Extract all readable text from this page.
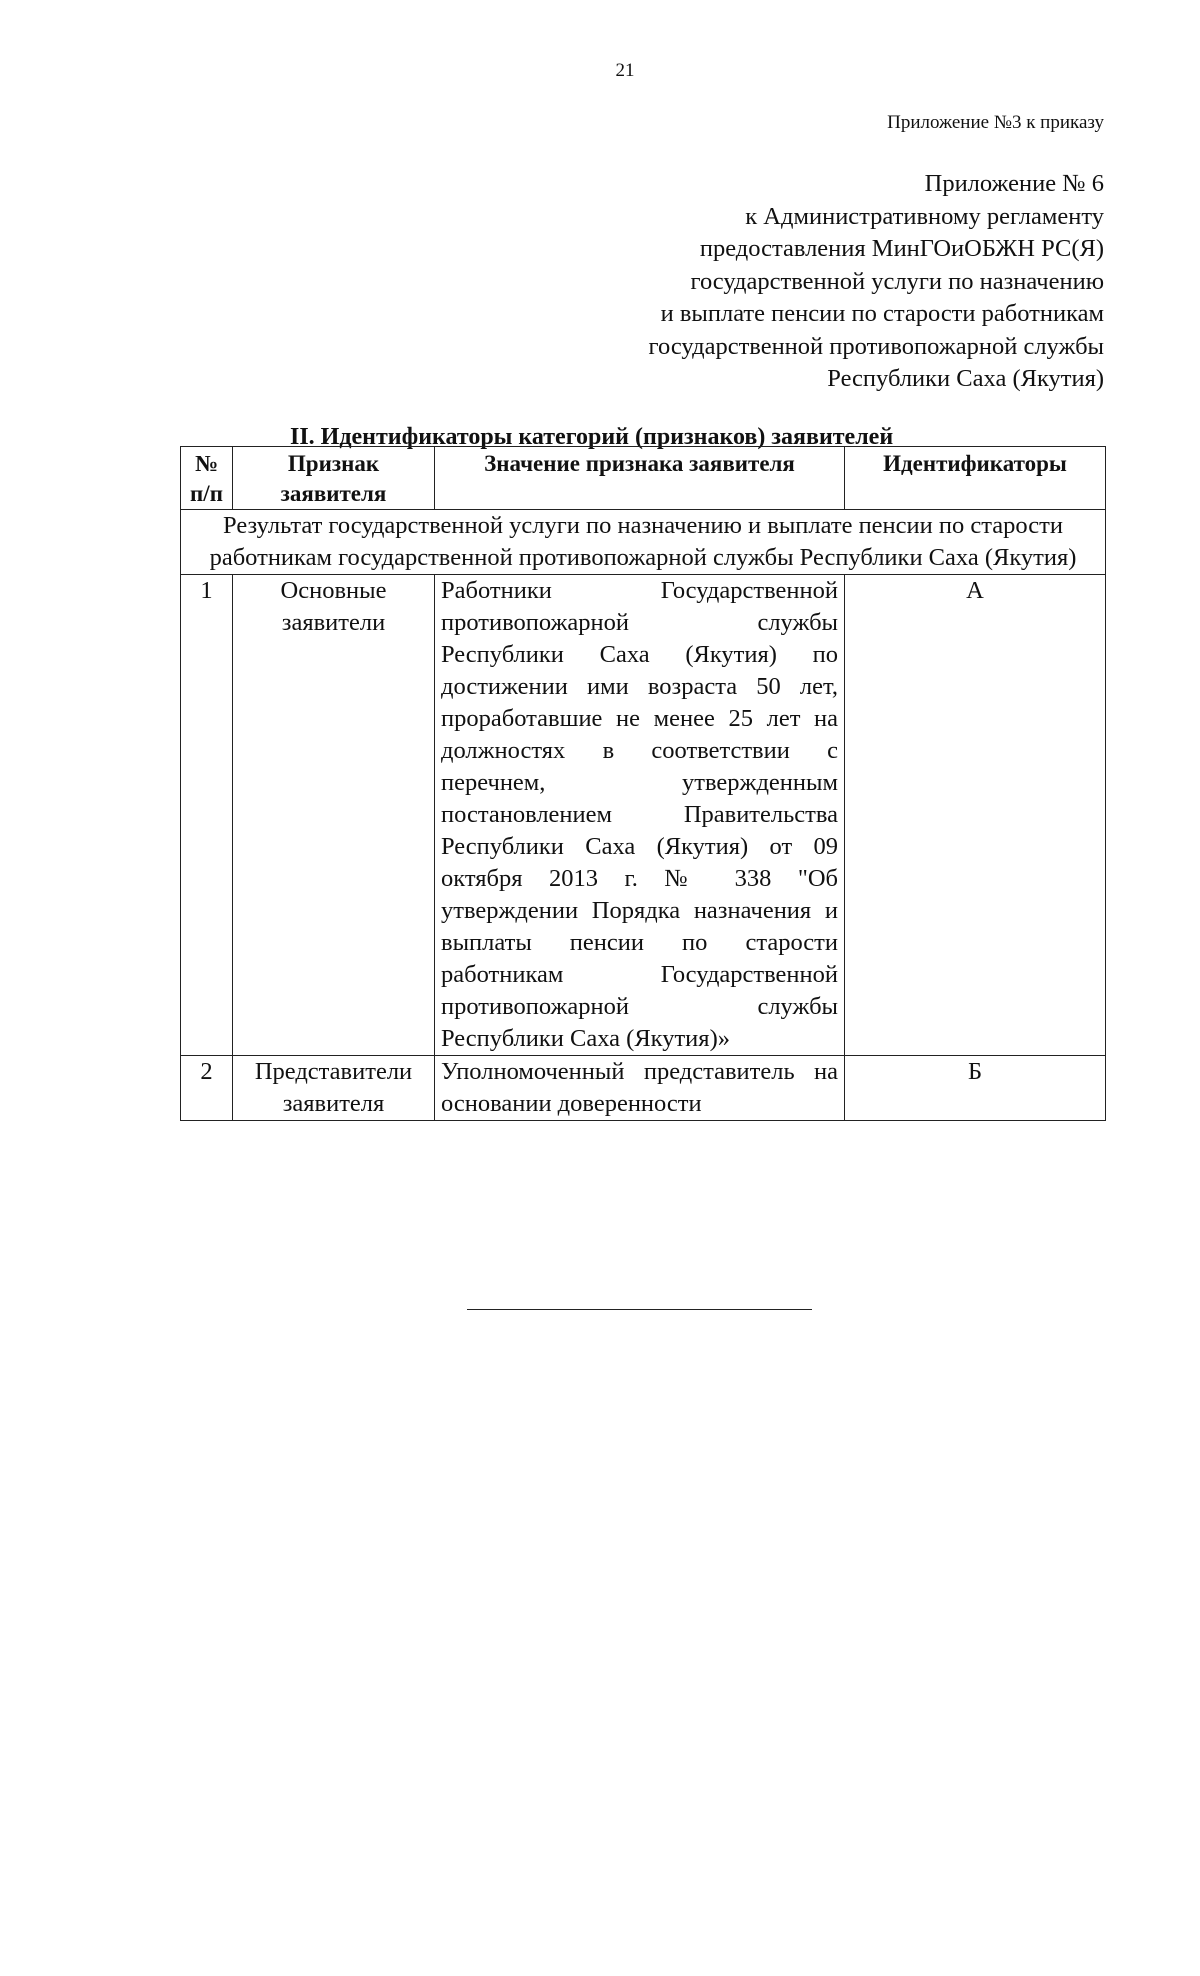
21
Приложение №3 к приказу
Приложение № 6
к Административному регламенту
предоставления МинГОиОБЖН РС(Я)
государственной услуги по назначению
и выплате пенсии по старости работникам
государственной противопожарной службы
Республики Саха (Якутия)
II. Идентификаторы категорий (признаков) заявителей
№ п/п	Признак заявителя	Значение признака заявителя	Идентификаторы
Результат государственной услуги по назначению и выплате пенсии по старости работникам государственной противопожарной службы Республики Саха (Якутия)			
1	Основные заявители	Работники Государственной противопожарной службы Республики Саха (Якутия) по достижении ими возраста 50 лет, проработавшие не менее 25 лет на должностях в соответствии с перечнем, утвержденным постановлением Правительства Республики Саха (Якутия) от 09 октября 2013 г. № 338 "Об утверждении Порядка назначения и выплаты пенсии по старости работникам Государственной противопожарной службы Республики Саха (Якутия)»	А
2	Представители заявителя	Уполномоченный представитель на основании доверенности	Б
